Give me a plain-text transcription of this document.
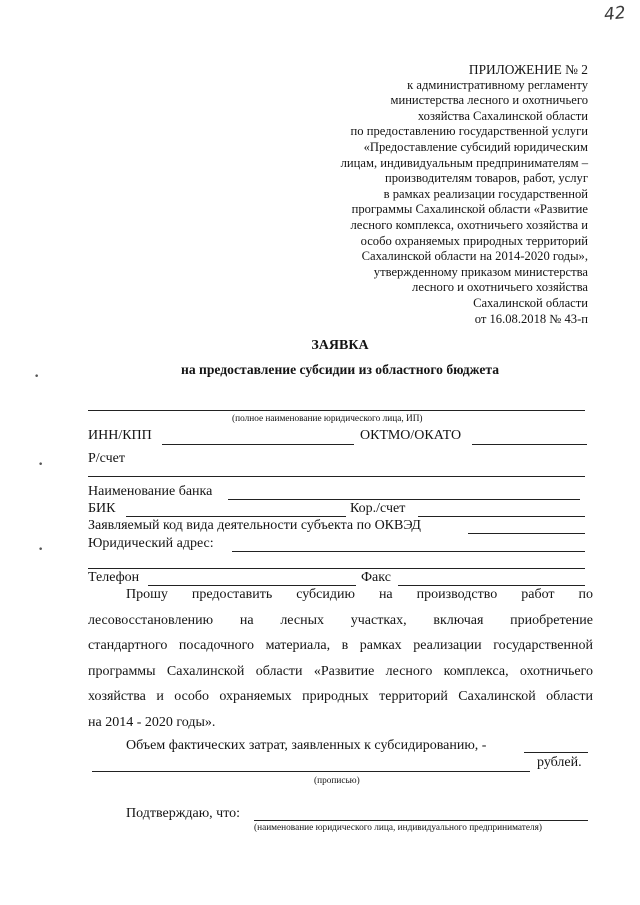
42
ПРИЛОЖЕНИЕ № 2
к административному регламенту
министерства лесного и охотничьего
хозяйства Сахалинской области
по предоставлению государственной услуги
«Предоставление субсидий юридическим
лицам, индивидуальным предпринимателям –
производителям товаров, работ, услуг
в рамках реализации государственной
программы Сахалинской области «Развитие
лесного комплекса, охотничьего хозяйства и
особо охраняемых природных территорий
Сахалинской области на 2014-2020 годы»,
утвержденному приказом министерства
лесного и охотничьего хозяйства
Сахалинской области
от 16.08.2018 № 43-п
ЗАЯВКА
на предоставление субсидии из областного бюджета
(полное наименование юридического лица, ИП)
ИНН/КПП	ОКТМО/ОКАТО
Р/счет
Наименование банка
БИК	Кор./счет
Заявляемый код вида деятельности субъекта по ОКВЭД
Юридический адрес:
Телефон	Факс
Прошу предоставить субсидию на производство работ по
лесовосстановлению на лесных участках, включая приобретение
стандартного посадочного материала, в рамках реализации государственной
программы Сахалинской области «Развитие лесного комплекса, охотничьего
хозяйства и особо охраняемых природных территорий Сахалинской области
на 2014 - 2020 годы».
Объем фактических затрат, заявленных к субсидированию, -
рублей.
(прописью)
Подтверждаю, что:
(наименование юридического лица, индивидуального предпринимателя)
•
•
•
